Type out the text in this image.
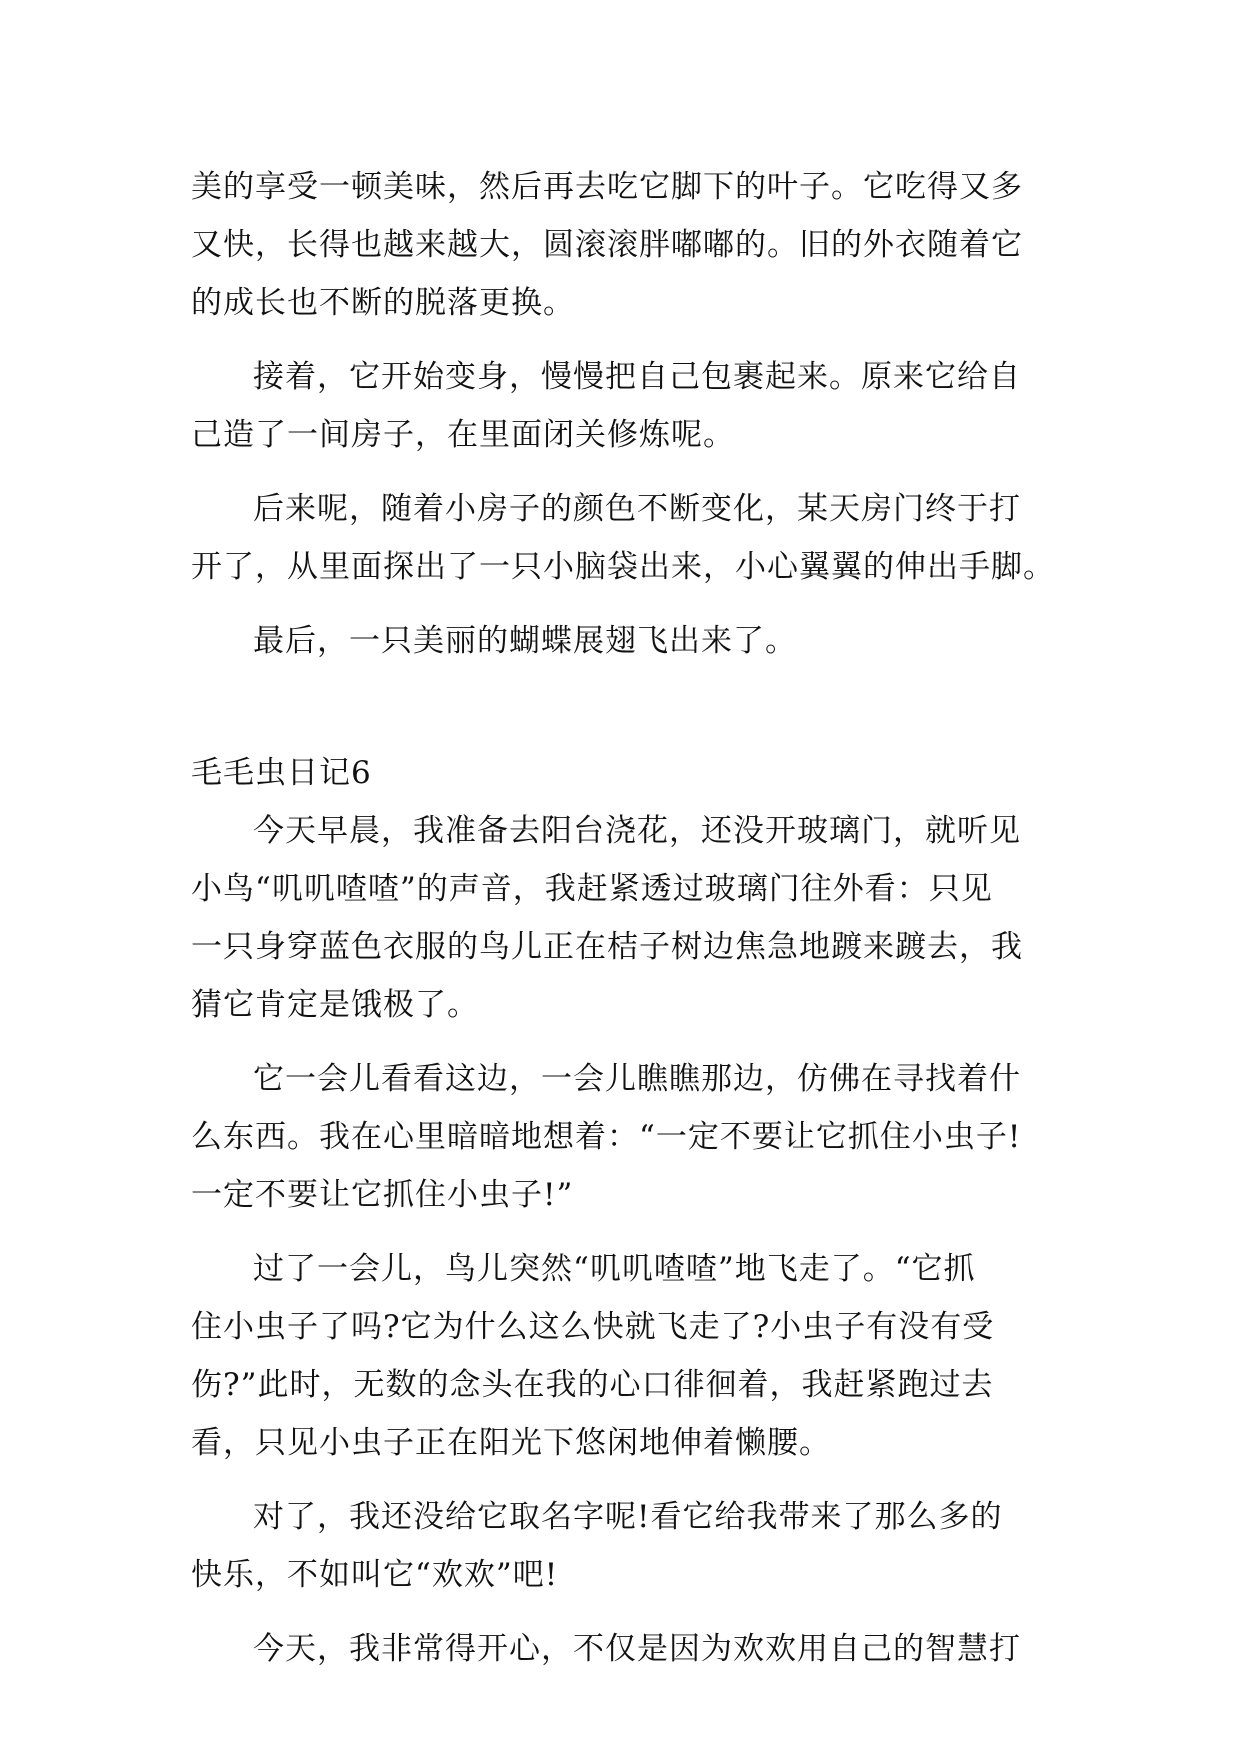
美的享受一顿美味，然后再去吃它脚下的叶子。它吃得又多
又快，长得也越来越大，圆滚滚胖嘟嘟的。旧的外衣随着它
的成长也不断的脱落更换。
接着，它开始变身，慢慢把自己包裹起来。原来它给自
己造了一间房子，在里面闭关修炼呢。
后来呢，随着小房子的颜色不断变化，某天房门终于打
开了，从里面探出了一只小脑袋出来，小心翼翼的伸出手脚。
最后，一只美丽的蝴蝶展翅飞出来了。
毛毛虫日记6
今天早晨，我准备去阳台浇花，还没开玻璃门，就听见
小鸟“叽叽喳喳”的声音，我赶紧透过玻璃门往外看：只见
一只身穿蓝色衣服的鸟儿正在桔子树边焦急地踱来踱去，我
猜它肯定是饿极了。
它一会儿看看这边，一会儿瞧瞧那边，仿佛在寻找着什
么东西。我在心里暗暗地想着：“一定不要让它抓住小虫子!
一定不要让它抓住小虫子!”
过了一会儿，鸟儿突然“叽叽喳喳”地飞走了。“它抓
住小虫子了吗?它为什么这么快就飞走了?小虫子有没有受
伤?”此时，无数的念头在我的心口徘徊着，我赶紧跑过去
看，只见小虫子正在阳光下悠闲地伸着懒腰。
对了，我还没给它取名字呢!看它给我带来了那么多的
快乐，不如叫它“欢欢”吧!
今天，我非常得开心，不仅是因为欢欢用自己的智慧打
